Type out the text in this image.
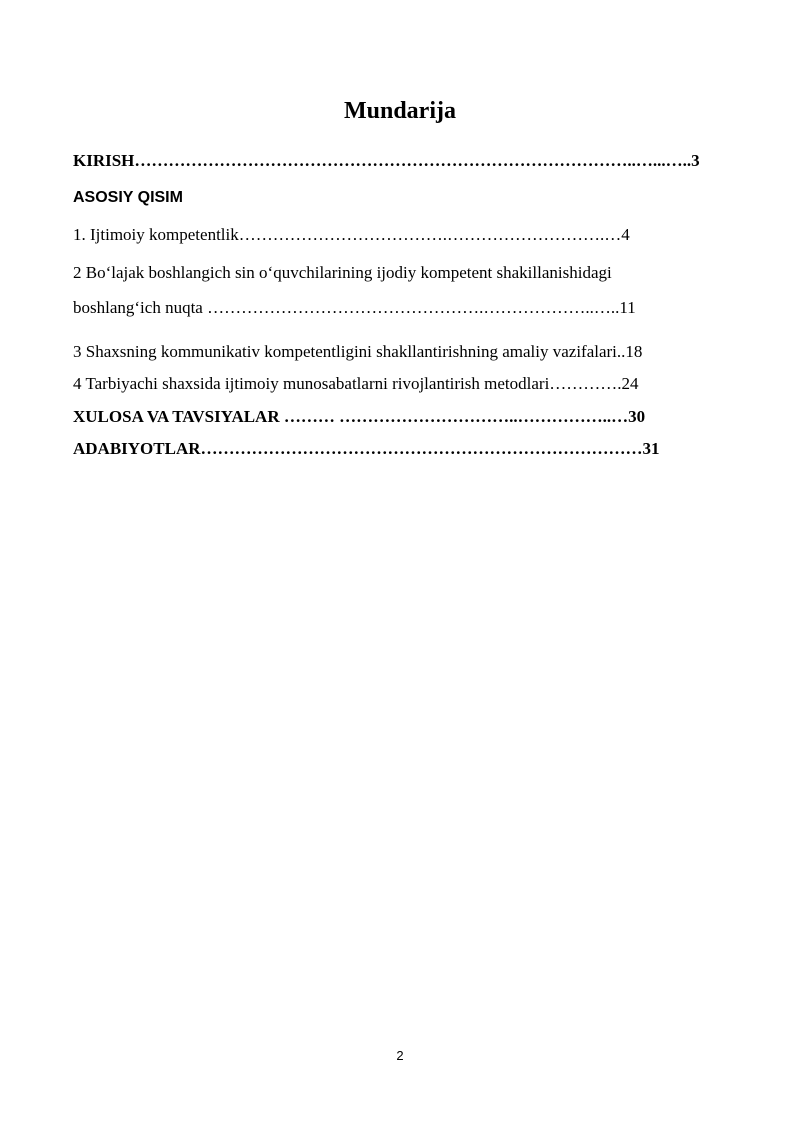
Mundarija
KIRISH……………………………………………………………………………..…...…..3
ASOSIY QISIM
1. Ijtimoiy kompetentlik……………………………….……………………….…4
2 Bo‘lajak boshlangich sin o‘quvchilarining ijodiy kompetent shakillanishidagi
boshlang‘ich nuqta ………………………………………….………………..…..11
3 Shaxsning kommunikativ kompetentligini shakllantirishning amaliy vazifalari..18
4 Tarbiyachi shaxsida ijtimoiy munosabatlarni rivojlantirish metodlari………….24
XULOSA VA TAVSIYALAR ……… …………………………..……………..…30
ADABIYOTLAR……………………………………………………………………31
2
